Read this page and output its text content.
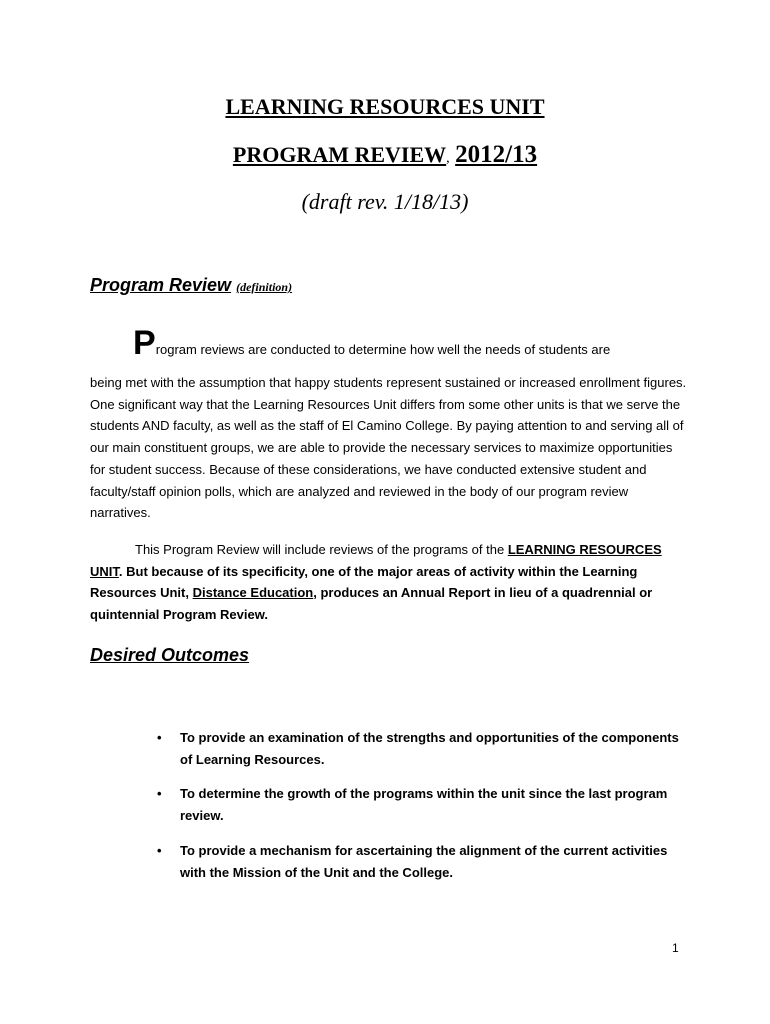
LEARNING RESOURCES UNIT
PROGRAM REVIEW, 2012/13
(draft rev. 1/18/13)
Program Review (definition)
Program reviews are conducted to determine how well the needs of students are
being met with the assumption that happy students represent sustained or increased enrollment figures. One significant way that the Learning Resources Unit differs from some other units is that we serve the students AND faculty, as well as the staff of El Camino College. By paying attention to and serving all of our main constituent groups, we are able to provide the necessary services to maximize opportunities for student success. Because of these considerations, we have conducted extensive student and faculty/staff opinion polls, which are analyzed and reviewed in the body of our program review narratives.
This Program Review will include reviews of the programs of the LEARNING RESOURCES UNIT. But because of its specificity, one of the major areas of activity within the Learning Resources Unit, Distance Education, produces an Annual Report in lieu of a quadrennial or quintennial Program Review.
Desired Outcomes
• To provide an examination of the strengths and opportunities of the components of Learning Resources.
• To determine the growth of the programs within the unit since the last program review.
• To provide a mechanism for ascertaining the alignment of the current activities with the Mission of the Unit and the College.
1
